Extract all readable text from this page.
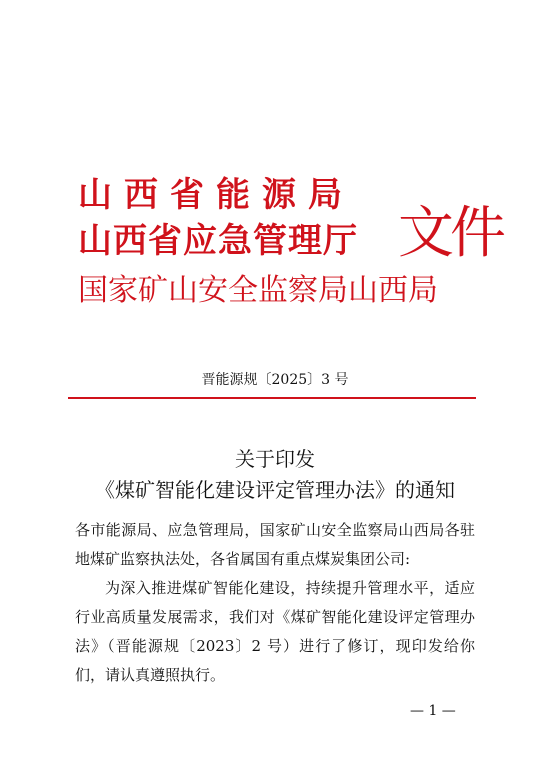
山西省能源局
山西省应急管理厅
国家矿山安全监察局山西局
文件
晋能源规〔2025〕3 号
关于印发
《煤矿智能化建设评定管理办法》的通知
各市能源局、应急管理局，国家矿山安全监察局山西局各驻地煤矿监察执法处，各省属国有重点煤炭集团公司:
为深入推进煤矿智能化建设，持续提升管理水平，适应行业高质量发展需求，我们对《煤矿智能化建设评定管理办法》（晋能源规〔2023〕2 号）进行了修订，现印发给你们，请认真遵照执行。
— 1 —
